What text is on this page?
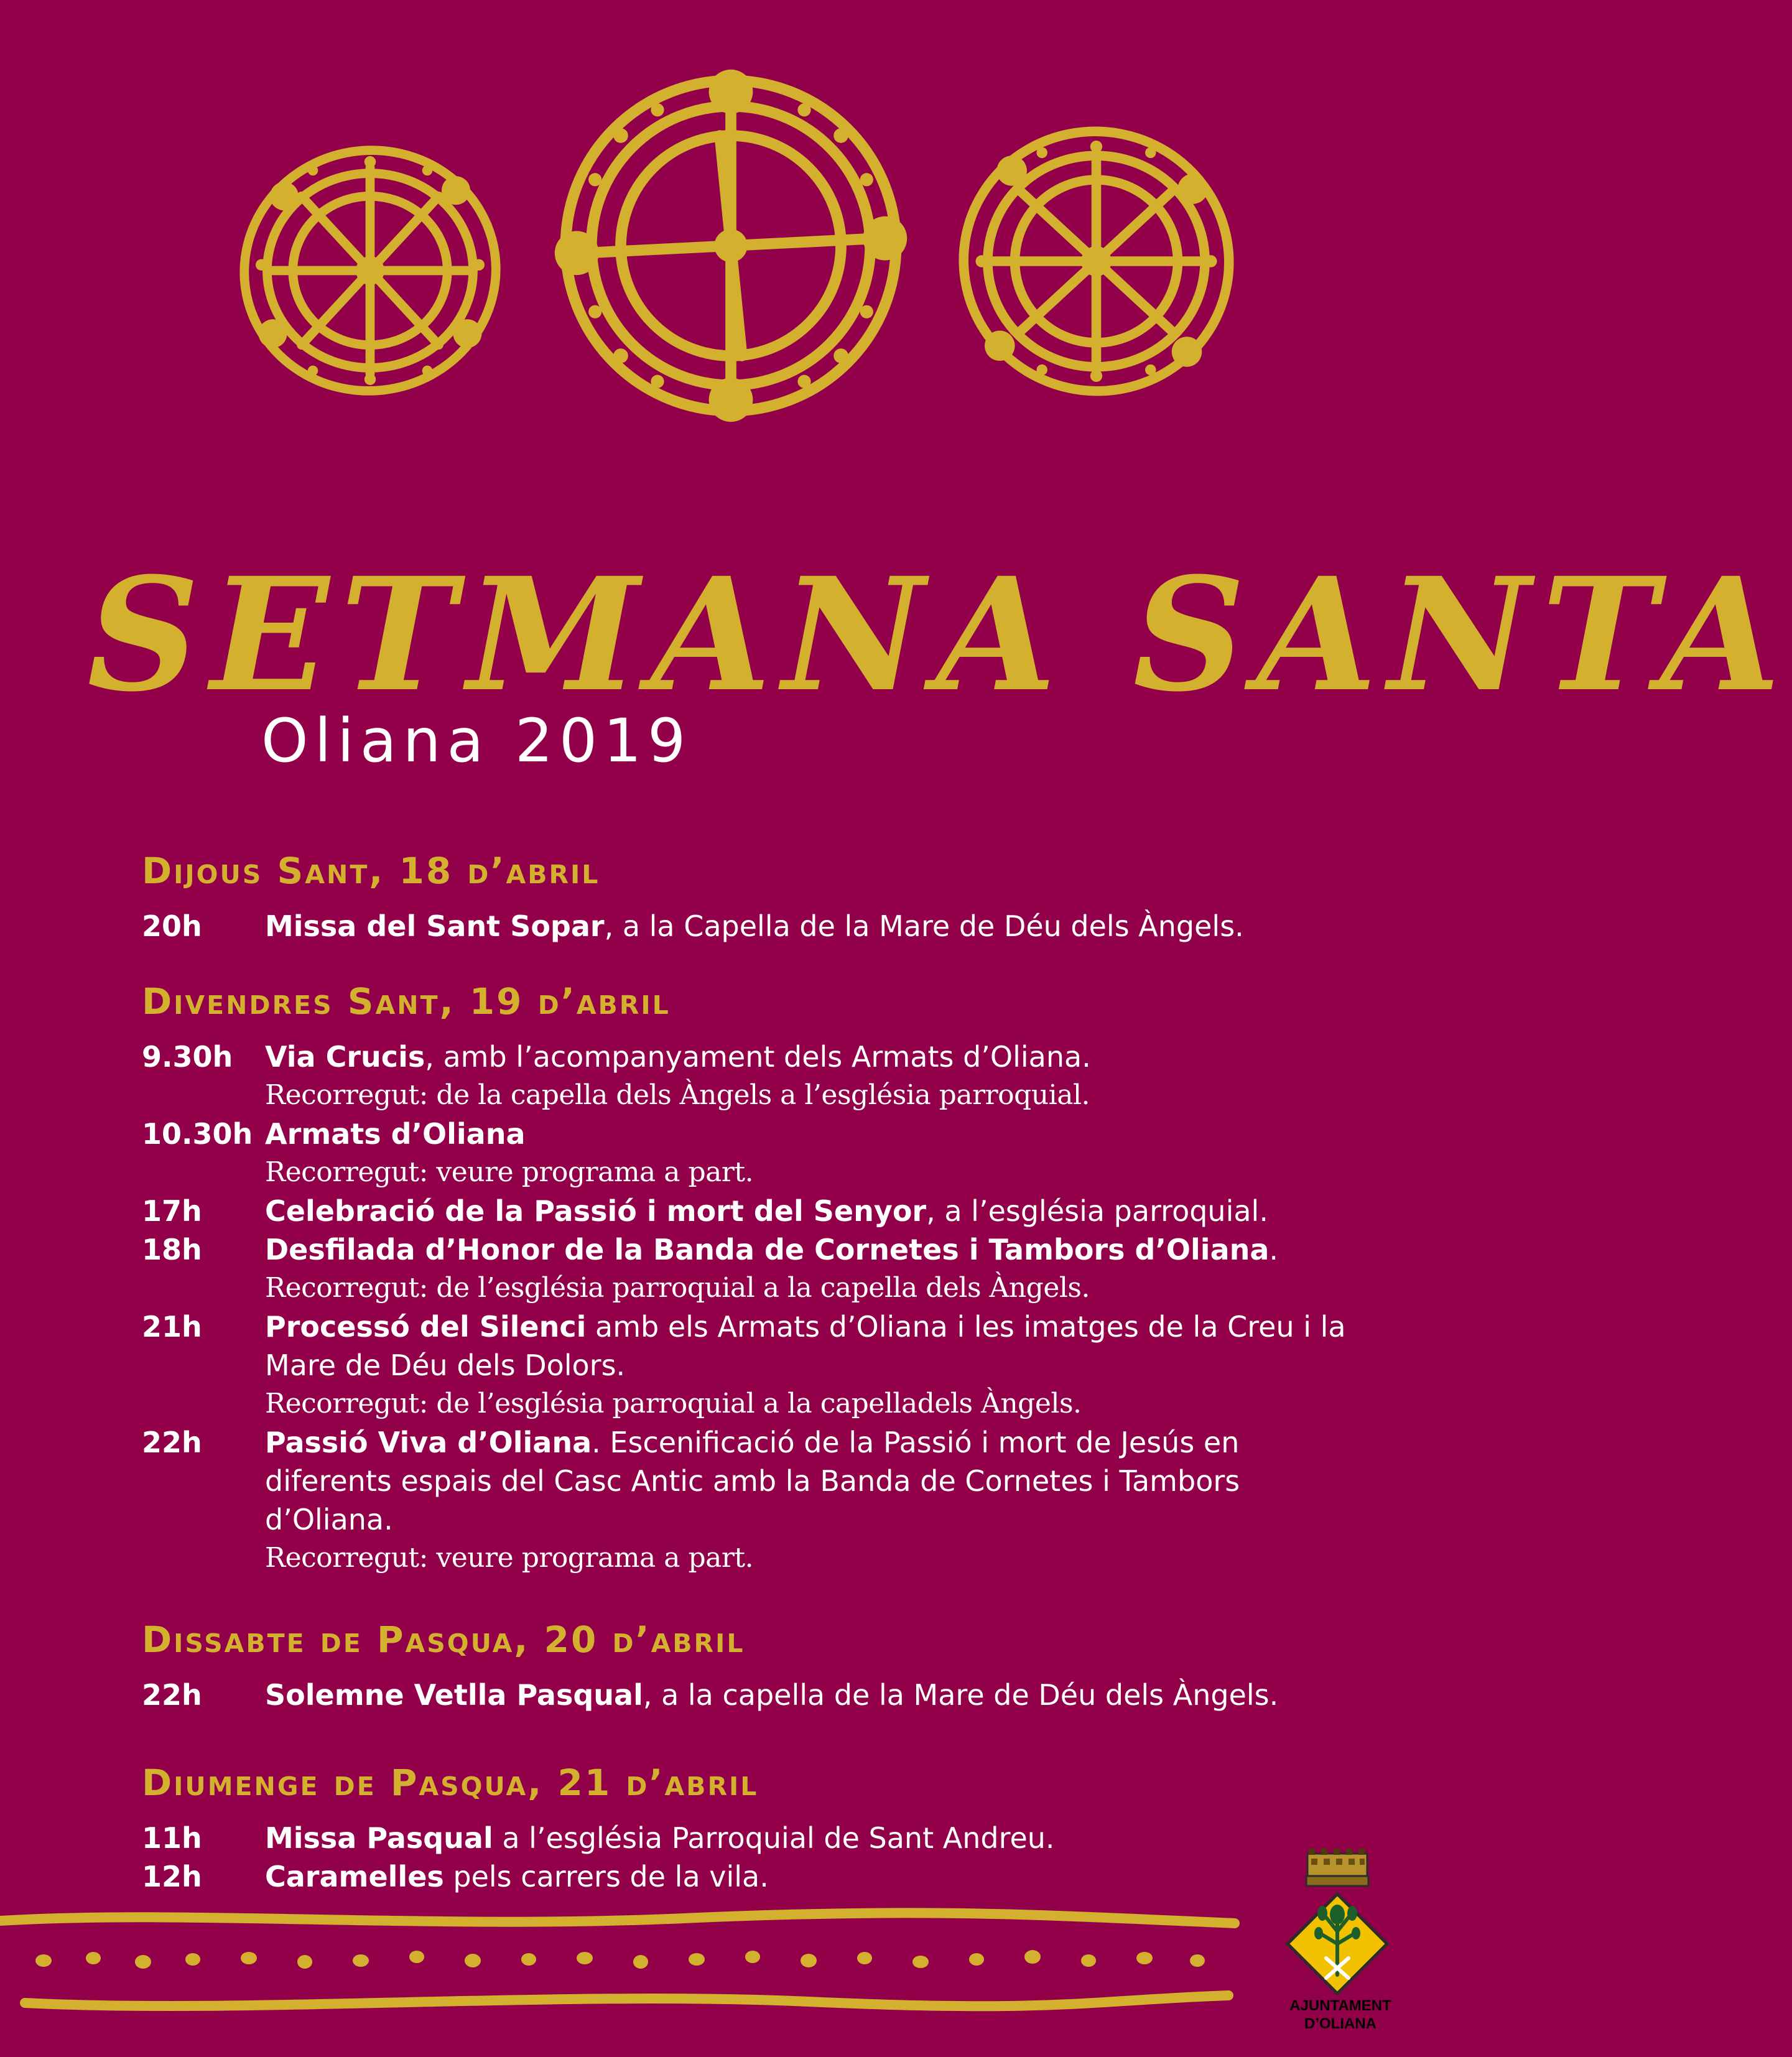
SETMANA SANTA
Oliana 2019
Dijous Sant, 18 d’abril
20h	Missa del Sant Sopar, a la Capella de la Mare de Déu dels Àngels.
Divendres Sant, 19 d’abril
9.30h	Via Crucis, amb l’acompanyament dels Armats d’Oliana.
Recorregut: de la capella dels Àngels a l’església parroquial.
10.30h Armats d’Oliana
Recorregut: veure programa a part.
17h	Celebració de la Passió i mort del Senyor, a l’església parroquial.
18h	Desfilada d’Honor de la Banda de Cornetes i Tambors d’Oliana.
Recorregut: de l’església parroquial a la capella dels Àngels.
21h	Processó del Silenci amb els Armats d’Oliana i les imatges de la Creu i la Mare de Déu dels Dolors.
Recorregut: de l’església parroquial a la capelladels Àngels.
22h	Passió Viva d’Oliana. Escenificació de la Passió i mort de Jesús en diferents espais del Casc Antic amb la Banda de Cornetes i Tambors d’Oliana.
Recorregut: veure programa a part.
Dissabte de Pasqua, 20 d’abril
22h	Solemne Vetlla Pasqual, a la capella de la Mare de Déu dels Àngels.
Diumenge de Pasqua, 21 d’abril
11h	Missa Pasqual a l’església Parroquial de Sant Andreu.
12h	Caramelles pels carrers de la vila.
AJUNTAMENT
D’OLIANA
